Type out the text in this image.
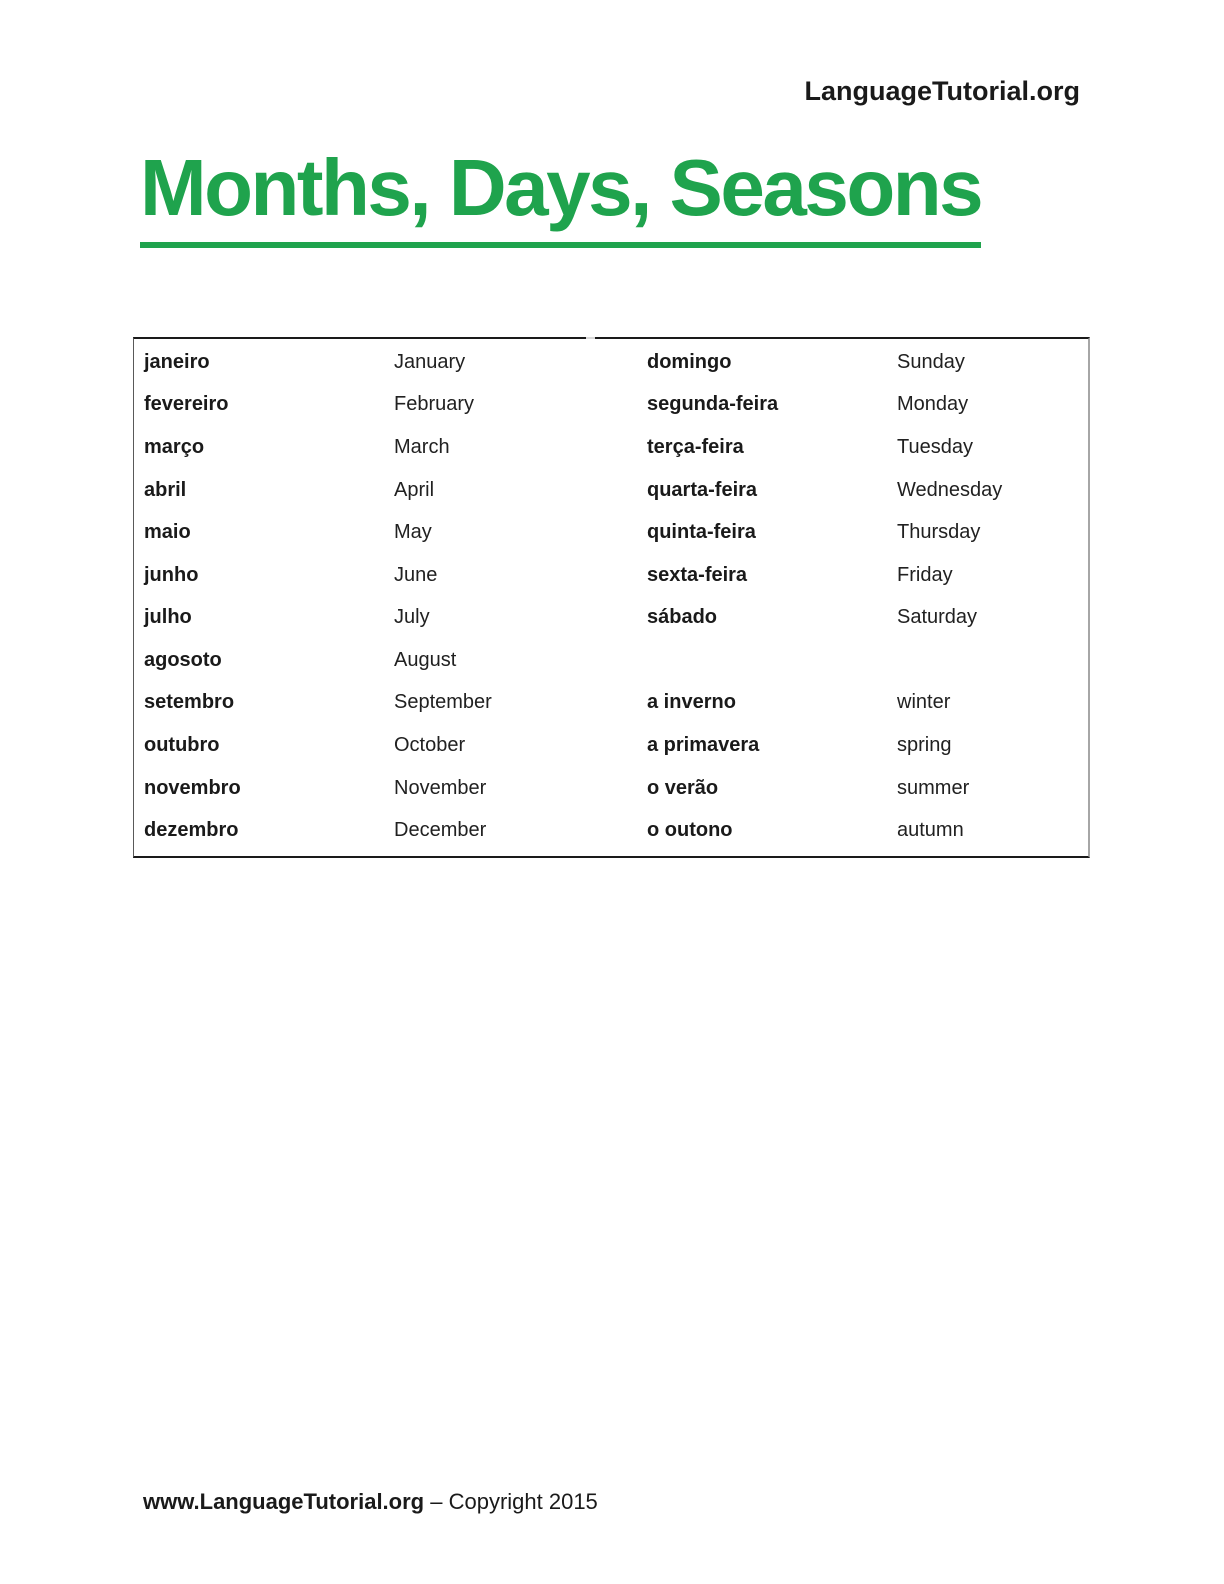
LanguageTutorial.org
Months, Days, Seasons
janeiro	January	domingo	Sunday
fevereiro	February	segunda-feira	Monday
março	March	terça-feira	Tuesday
abril	April	quarta-feira	Wednesday
maio	May	quinta-feira	Thursday
junho	June	sexta-feira	Friday
julho	July	sábado	Saturday
agosoto	August
setembro	September	a inverno	winter
outubro	October	a primavera	spring
novembro	November	o verão	summer
dezembro	December	o outono	autumn
www.LanguageTutorial.org – Copyright 2015
